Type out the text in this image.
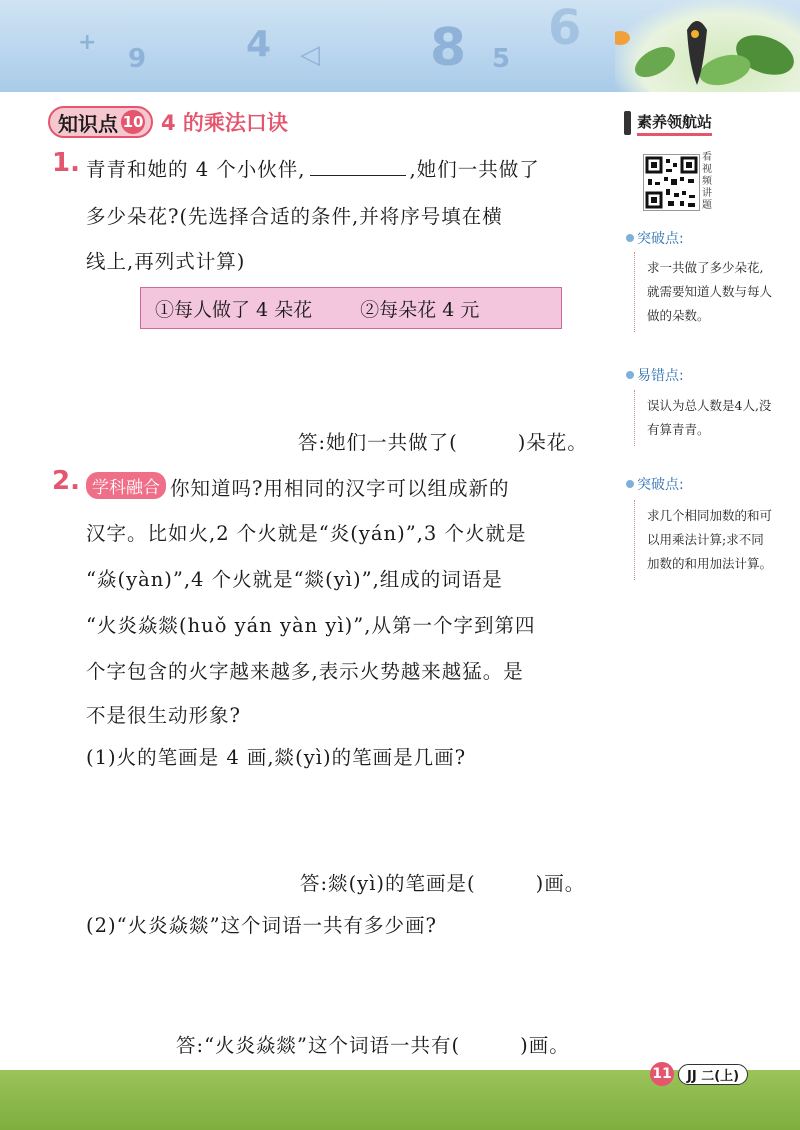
+
9	4 ◁ 8 5
6
知识点 10 4 的乘法口诀	素养领航站
看视频讲题
突破点:
求一共做了多少朵花,就需要知道人数与每人做的朵数。
易错点:
误认为总人数是4人,没有算青青。
突破点:
求几个相同加数的和可以用乘法计算;求不同加数的和用加法计算。
1. 青青和她的 4 个小伙伴,	,她们一共做了
多少朵花?(先选择合适的条件,并将序号填在横
线上,再列式计算)
①每人做了 4 朵花	②每朵花 4 元
答:她们一共做了(	)朵花。
2. 学科融合 你知道吗?用相同的汉字可以组成新的
汉字。比如火,2 个火就是“炎(yán)”,3 个火就是
“焱(yàn)”,4 个火就是“燚(yì)”,组成的词语是
“火炎焱燚(huǒ yán yàn yì)”,从第一个字到第四
个字包含的火字越来越多,表示火势越来越猛。是
不是很生动形象?
(1)火的笔画是 4 画,燚(yì)的笔画是几画?
答:燚(yì)的笔画是(	)画。
(2)“火炎焱燚”这个词语一共有多少画?
答:“火炎焱燚”这个词语一共有(	)画。
11	JJ 二(上)
